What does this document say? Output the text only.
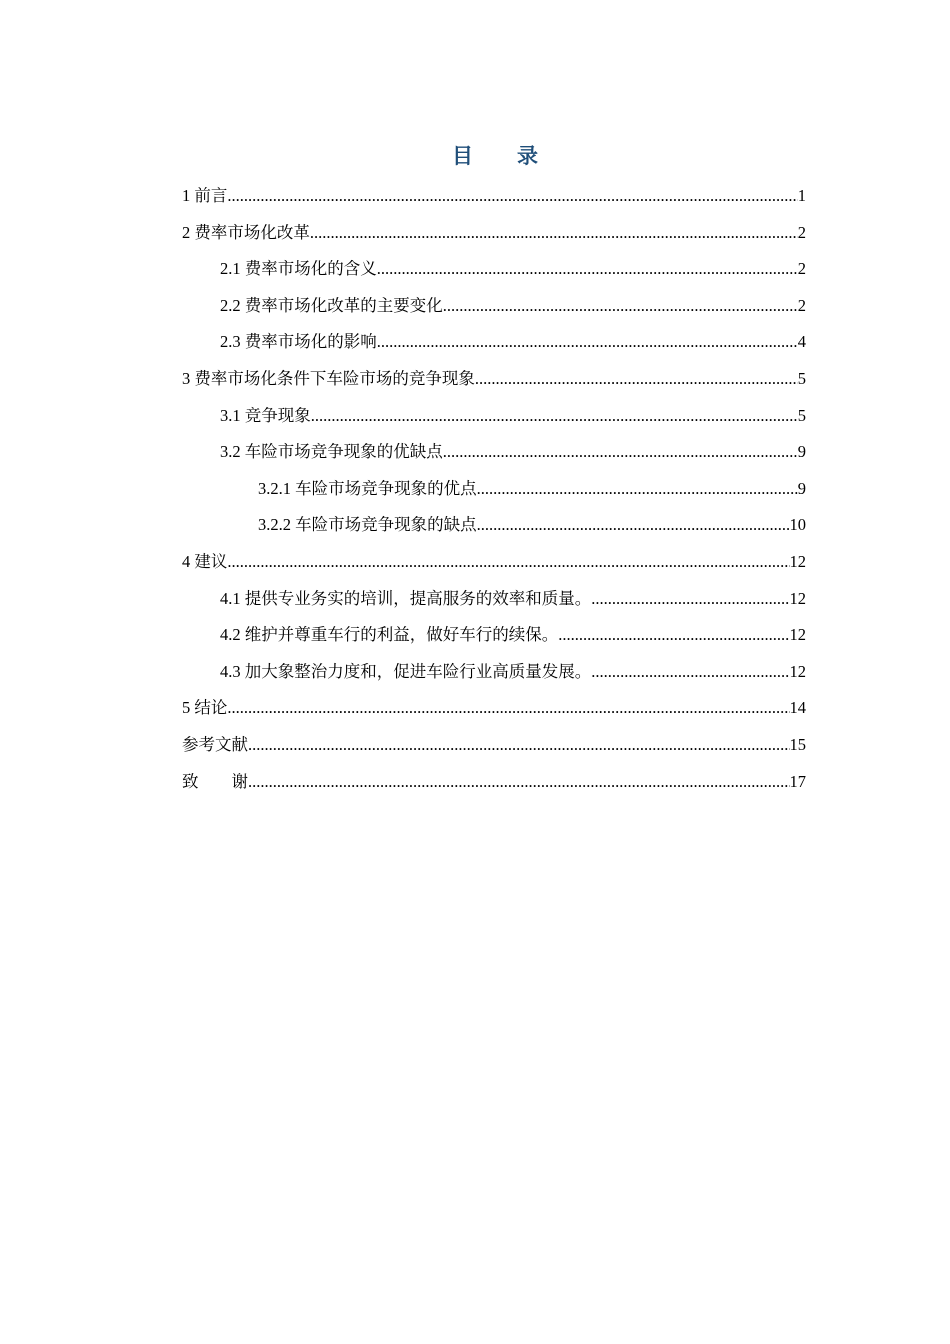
目 录
1 前言 .....	1
2 费率市场化改革 .....	2
2.1 费率市场化的含义 .....	2
2.2 费率市场化改革的主要变化 .....	2
2.3 费率市场化的影响 .....	4
3 费率市场化条件下车险市场的竞争现象 .....	5
3.1 竞争现象 .....	5
3.2 车险市场竞争现象的优缺点 .....	9
3.2.1 车险市场竞争现象的优点 .....	9
3.2.2 车险市场竞争现象的缺点 .....	10
4 建议 .....	12
4.1 提供专业务实的培训，提高服务的效率和质量。 .....	12
4.2 维护并尊重车行的利益，做好车行的续保。 .....	12
4.3 加大象整治力度和，促进车险行业高质量发展。 .....	12
5 结论 .....	14
参考文献 .....	15
致　　谢 .....	17
